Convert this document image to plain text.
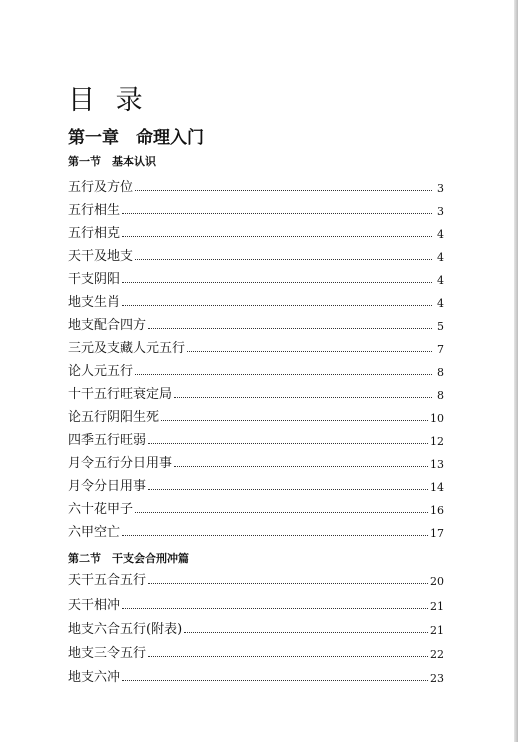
目 录
第一章　命理入门
第一节　基本认识
五行及方位	3
五行相生	3
五行相克	4
天干及地支	4
干支阴阳	4
地支生肖	4
地支配合四方	5
三元及支藏人元五行	7
论人元五行	8
十干五行旺衰定局	8
论五行阴阳生死	10
四季五行旺弱	12
月令五行分日用事	13
月令分日用事	14
六十花甲子	16
六甲空亡	17
第二节　干支会合刑冲篇
天干五合五行	20
天干相冲	21
地支六合五行(附表)	21
地支三令五行	22
地支六冲	23
